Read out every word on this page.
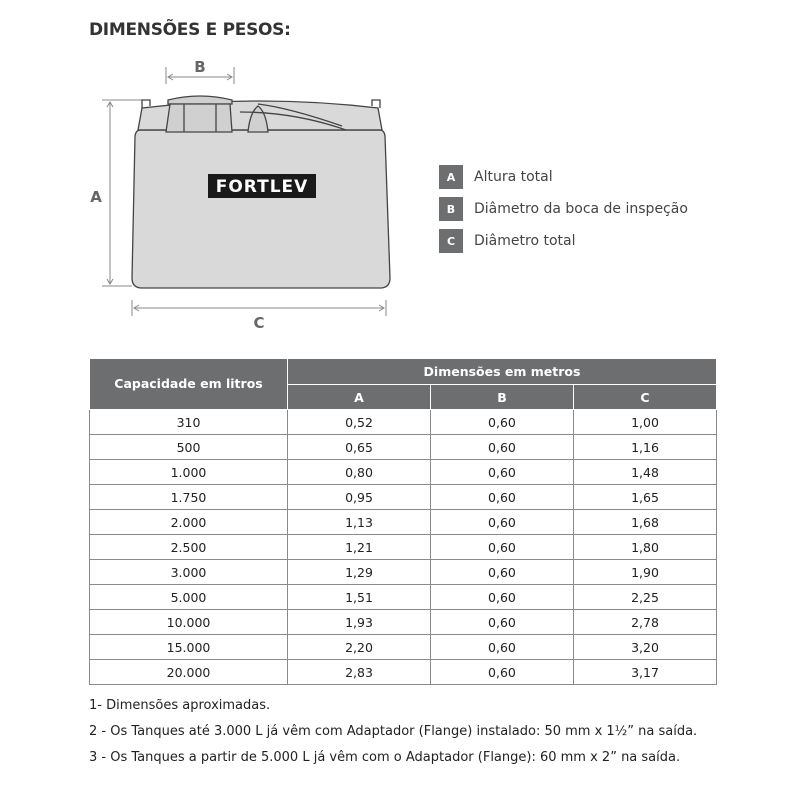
DIMENSÕES E PESOS:
B
A
C
FORTLEV	A	Altura total
B	Diâmetro da boca de inspeção
C	Diâmetro total
Capacidade em litros	Dimensões em metros		
	A	B	C
310	0,52	0,60	1,00
500	0,65	0,60	1,16
1.000	0,80	0,60	1,48
1.750	0,95	0,60	1,65
2.000	1,13	0,60	1,68
2.500	1,21	0,60	1,80
3.000	1,29	0,60	1,90
5.000	1,51	0,60	2,25
10.000	1,93	0,60	2,78
15.000	2,20	0,60	3,20
20.000	2,83	0,60	3,17
1- Dimensões aproximadas.
2 - Os Tanques até 3.000 L já vêm com Adaptador (Flange) instalado: 50 mm x 1½” na saída.
3 - Os Tanques a partir de 5.000 L já vêm com o Adaptador (Flange): 60 mm x 2” na saída.
